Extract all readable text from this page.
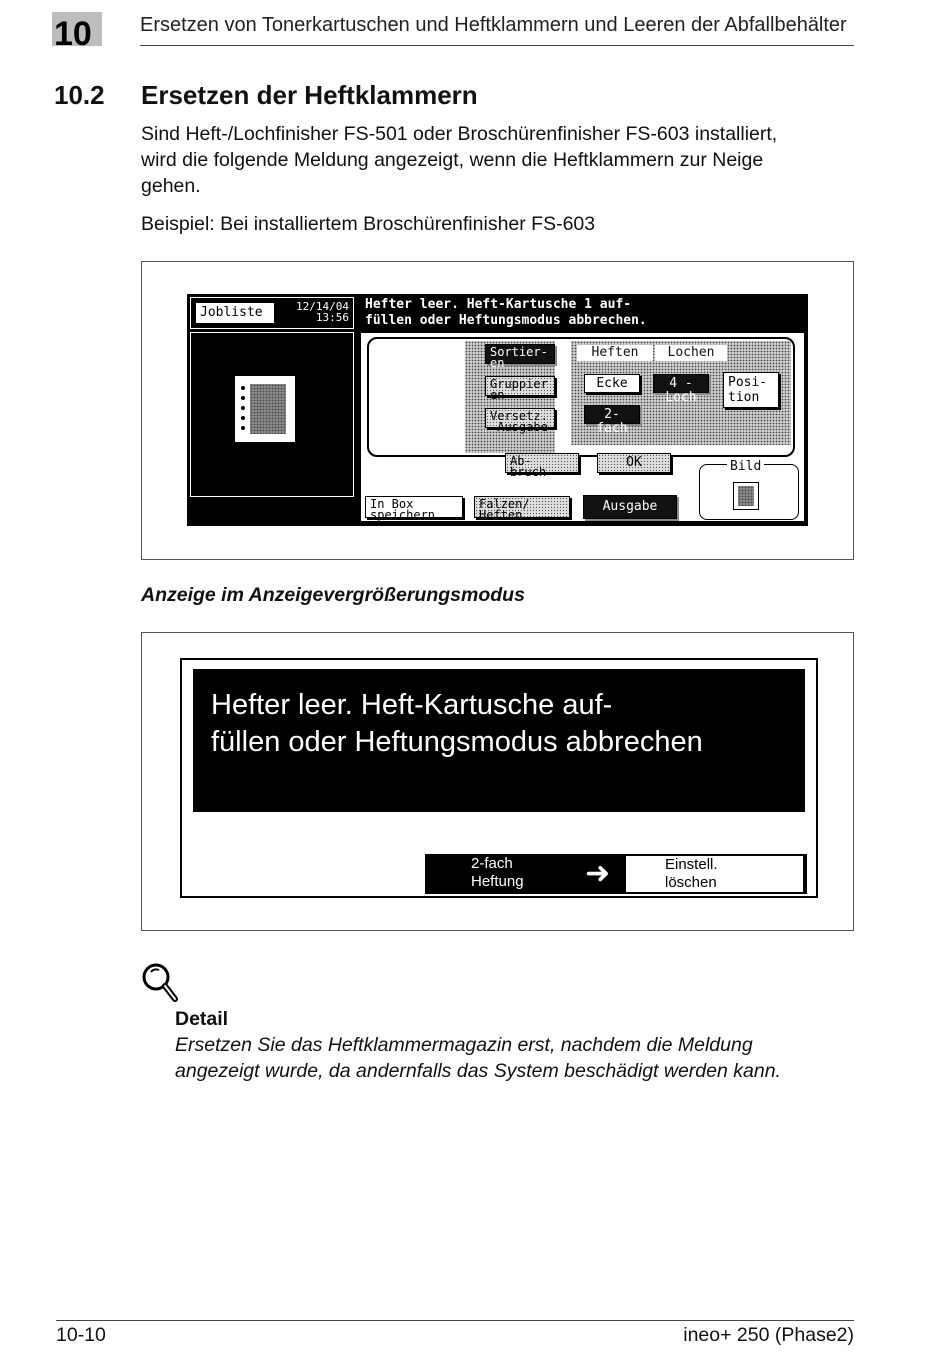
10	Ersetzen von Tonerkartuschen und Heftklammern und Leeren der Abfallbehälter
10.2 Ersetzen der Heftklammern
Sind Heft-/Lochfinisher FS-501 oder Broschürenfinisher FS-603 installiert,
wird die folgende Meldung angezeigt, wenn die Heftklammern zur Neige
gehen.
Beispiel: Bei installiertem Broschürenfinisher FS-603
Jobliste	12/14/04
13:56
Hefter leer. Heft-Kartusche 1 auf-
füllen oder Heftungsmodus abbrechen.
Sortier-
en
Gruppier
en
Versetz.
-Ausgabe
Heften	Lochen
Ecke	4 -Loch
Posi-
tion
2-fach
Ab-
bruch
OK	Bild
In Box
speichern
Falzen/
Heften
Ausgabe
Anzeige im Anzeigevergrößerungsmodus
Hefter leer. Heft-Kartusche auf-
füllen oder Heftungsmodus abbrechen
2-fach
Heftung	➜	Einstell.
löschen
Detail
Ersetzen Sie das Heftklammermagazin erst, nachdem die Meldung
angezeigt wurde, da andernfalls das System beschädigt werden kann.
10-10	ineo+ 250 (Phase2)
